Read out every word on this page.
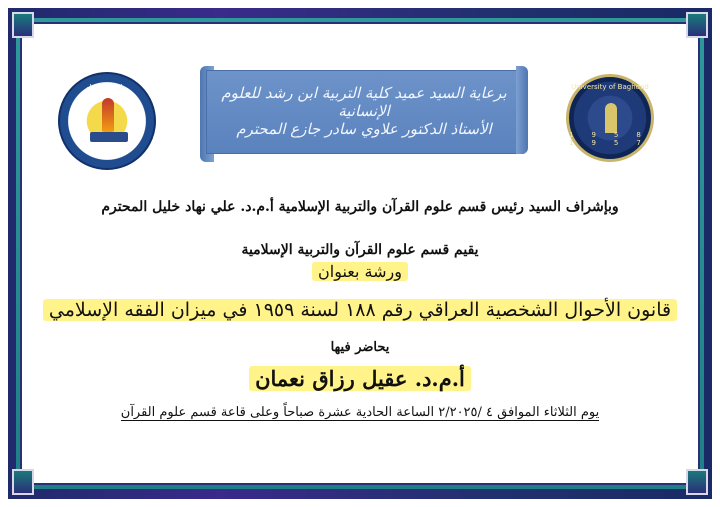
برعاية السيد عميد كلية التربية ابن رشد للعلوم الإنسانية
الأستاذ الدكتور علاوي سادر جازع المحترم
University of Baghdad
1958 1957
جامعة بغداد
وبإشراف السيد رئيس قسم علوم القرآن والتربية الإسلامية أ.م.د. علي نهاد خليل المحترم
يقيم قسم علوم القرآن والتربية الإسلامية
ورشة بعنوان
قانون الأحوال الشخصية العراقي رقم ١٨٨ لسنة ١٩٥٩ في ميزان الفقه الإسلامي
يحاضر فيها
أ.م.د. عقيل رزاق نعمان
يوم الثلاثاء الموافق ٤ /٢/٢٠٢٥ الساعة الحادية عشرة صباحاً وعلى قاعة قسم علوم القرآن
